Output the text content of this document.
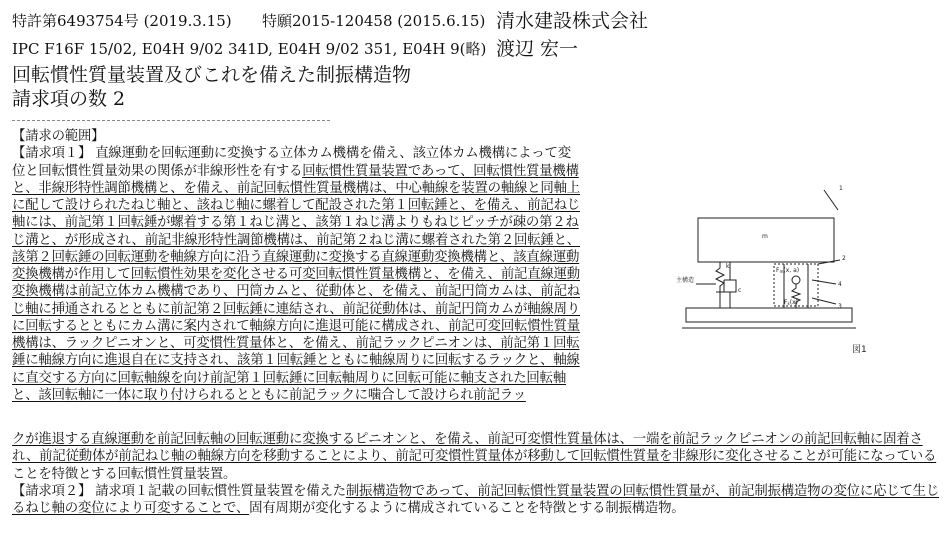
特許第6493754号 (2019.3.15) 特願2015-120458 (2015.6.15) 清水建設株式会社
IPC F16F 15/02, E04H 9/02 341D, E04H 9/02 351, E04H 9(略) 渡辺 宏一
回転慣性質量装置及びこれを備えた制振構造物
請求項の数 2

【請求の範囲】

【請求項１】 直線運動を回転運動に変換する立体カム機構を備え、該立体カム機構によって変位と回転慣性質量効果の関係が非線形性を有する回転慣性質量装置であって、回転慣性質量機構と、非線形特性調節機構と、を備え、前記回転慣性質量機構は、中心軸線を装置の軸線と同軸上に配して設けられたねじ軸と、該ねじ軸に螺着して配設された第１回転錘と、を備え、前記ねじ軸には、前記第１回転錘が螺着する第１ねじ溝と、該第１ねじ溝よりもねじピッチが疎の第２ねじ溝と、が形成され、前記非線形特性調節機構は、前記第２ねじ溝に螺着された第２回転錘と、該第２回転錘の回転運動を軸線方向に沿う直線運動に変換する直線運動変換機構と、該直線運動変換機構が作用して回転慣性効果を変化させる可変回転慣性質量機構と、を備え、前記直線運動変換機構は前記立体カム機構であり、円筒カムと、従動体と、を備え、前記円筒カムは、前記ねじ軸に挿通されるとともに前記第２回転錘に連結され、前記従動体は、前記円筒カムが軸線周りに回転するとともにカム溝に案内されて軸線方向に進退可能に構成され、前記可変回転慣性質量機構は、ラックピニオンと、可変慣性質量体と、を備え、前記ラックピニオンは、前記第１回転錘に軸線方向に進退自在に支持され、該第１回転錘とともに軸線周りに回転するラックと、軸線に直交する方向に回転軸線を向け前記第１回転錘に回転軸周りに回転可能に軸支された回転軸と、該回転軸に一体に取り付けられるとともに前記ラックに噛合して設けられ前記ラッ

クが進退する直線運動を前記回転軸の回転運動に変換するピニオンと、を備え、前記可変慣性質量体は、一端を前記ラックピニオンの前記回転軸に固着され、前記従動体が前記ねじ軸の軸線方向を移動することにより、前記可変慣性質量体が移動して回転慣性質量を非線形に変化させることが可能になっていることを特徴とする回転慣性質量装置。

【請求項２】 請求項１記載の回転慣性質量装置を備えた制振構造物であって、前記回転慣性質量装置の回転慣性質量が、前記制振構造物の変位に応じて生じるねじ軸の変位により可変することで、固有周期が変化するように構成されていることを特徴とする制振構造物。

1
m
k
c
主構造
2
4
3
Fm(x, a)
Fk(x)
図1
